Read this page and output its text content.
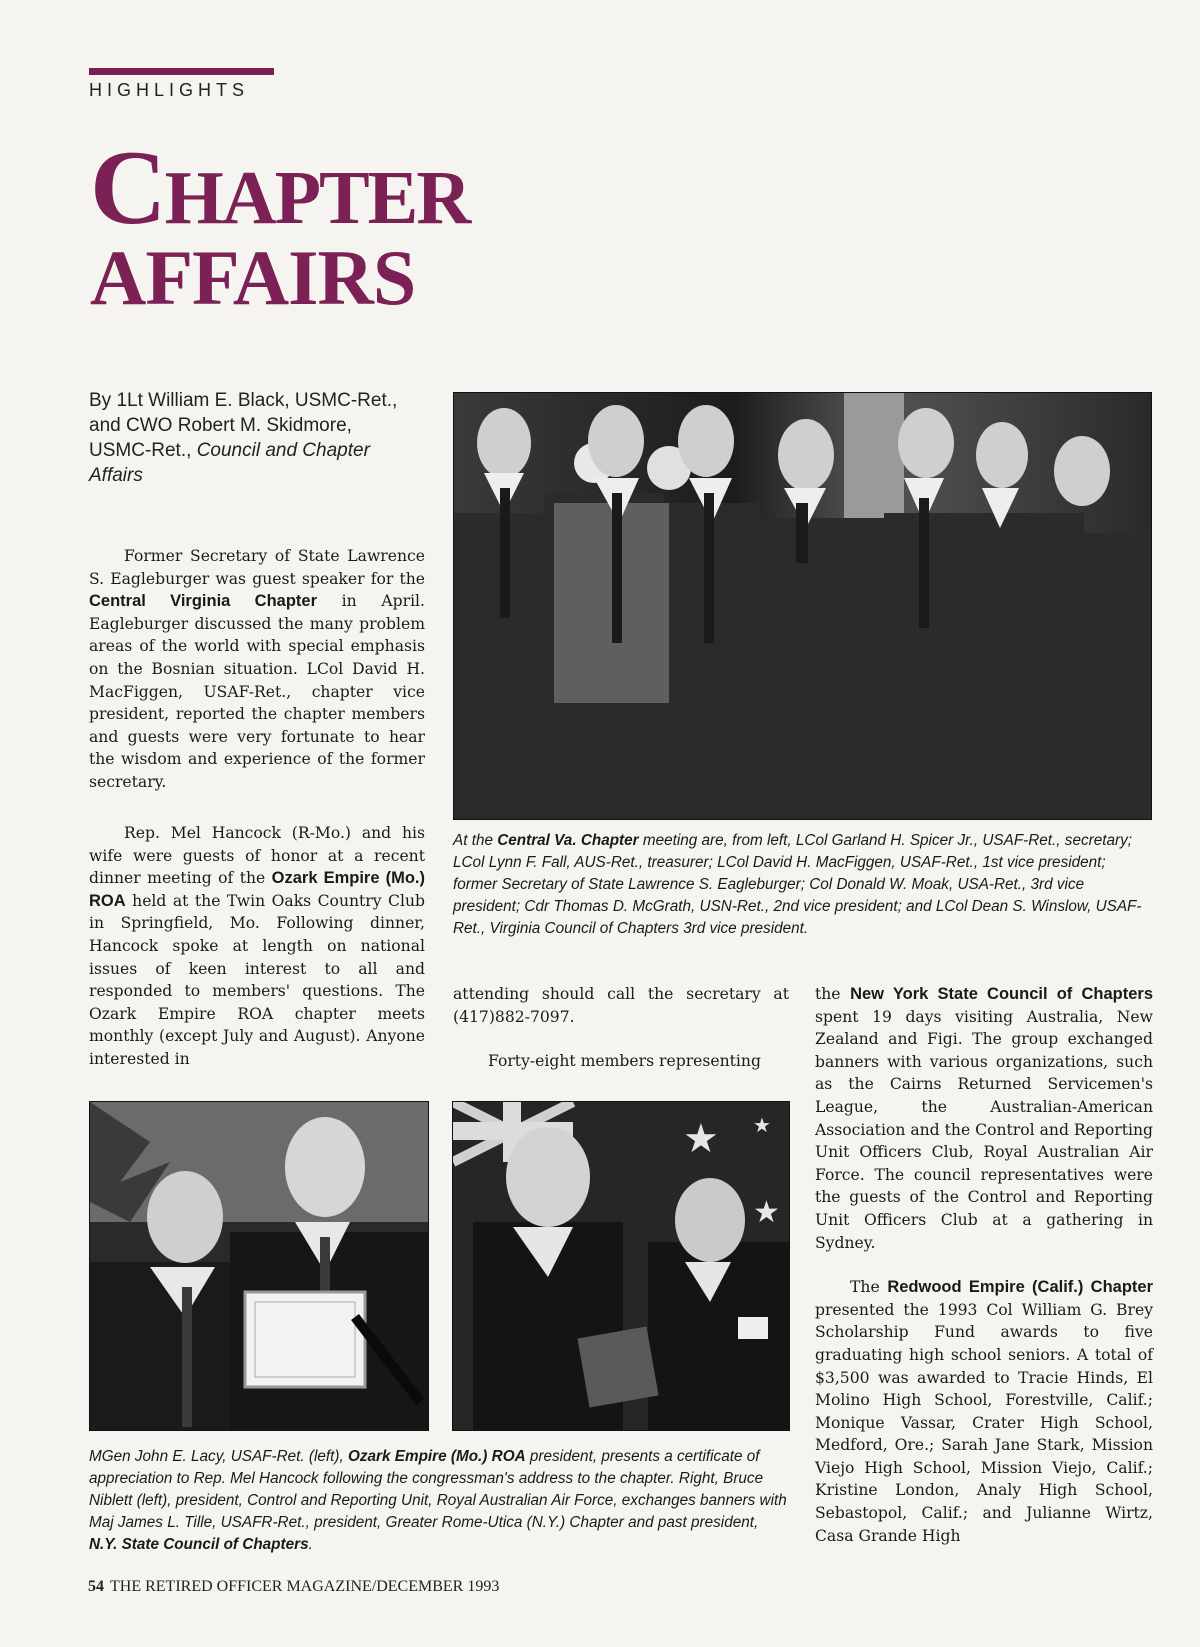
HIGHLIGHTS
CHAPTER
AFFAIRS
By 1Lt William E. Black, USMC-Ret., and CWO Robert M. Skidmore, USMC-Ret., Council and Chapter Affairs

Former Secretary of State Lawrence S. Eagleburger was guest speaker for the Central Virginia Chapter in April. Eagleburger discussed the many problem areas of the world with special emphasis on the Bosnian situation. LCol David H. MacFiggen, USAF-Ret., chapter vice president, reported the chapter members and guests were very fortunate to hear the wisdom and experience of the former secretary.

Rep. Mel Hancock (R-Mo.) and his wife were guests of honor at a recent dinner meeting of the Ozark Empire (Mo.) ROA held at the Twin Oaks Country Club in Springfield, Mo. Following dinner, Hancock spoke at length on national issues of keen interest to all and responded to members' questions. The Ozark Empire ROA chapter meets monthly (except July and August). Anyone interested in

At the Central Va. Chapter meeting are, from left, LCol Garland H. Spicer Jr., USAF-Ret., secretary; LCol Lynn F. Fall, AUS-Ret., treasurer; LCol David H. MacFiggen, USAF-Ret., 1st vice president; former Secretary of State Lawrence S. Eagleburger; Col Donald W. Moak, USA-Ret., 3rd vice president; Cdr Thomas D. McGrath, USN-Ret., 2nd vice president; and LCol Dean S. Winslow, USAF-Ret., Virginia Council of Chapters 3rd vice president.

attending should call the secretary at (417)882-7097.

Forty-eight members representing

the New York State Council of Chapters spent 19 days visiting Australia, New Zealand and Figi. The group exchanged banners with various organizations, such as the Cairns Returned Servicemen's League, the Australian-American Association and the Control and Reporting Unit Officers Club, Royal Australian Air Force. The council representatives were the guests of the Control and Reporting Unit Officers Club at a gathering in Sydney.

The Redwood Empire (Calif.) Chapter presented the 1993 Col William G. Brey Scholarship Fund awards to five graduating high school seniors. A total of $3,500 was awarded to Tracie Hinds, El Molino High School, Forestville, Calif.; Monique Vassar, Crater High School, Medford, Ore.; Sarah Jane Stark, Mission Viejo High School, Mission Viejo, Calif.; Kristine London, Analy High School, Sebastopol, Calif.; and Julianne Wirtz, Casa Grande High

★
★
★
MGen John E. Lacy, USAF-Ret. (left), Ozark Empire (Mo.) ROA president, presents a certificate of appreciation to Rep. Mel Hancock following the congressman's address to the chapter. Right, Bruce Niblett (left), president, Control and Reporting Unit, Royal Australian Air Force, exchanges banners with Maj James L. Tille, USAFR-Ret., president, Greater Rome-Utica (N.Y.) Chapter and past president, N.Y. State Council of Chapters.
54 THE RETIRED OFFICER MAGAZINE/DECEMBER 1993
